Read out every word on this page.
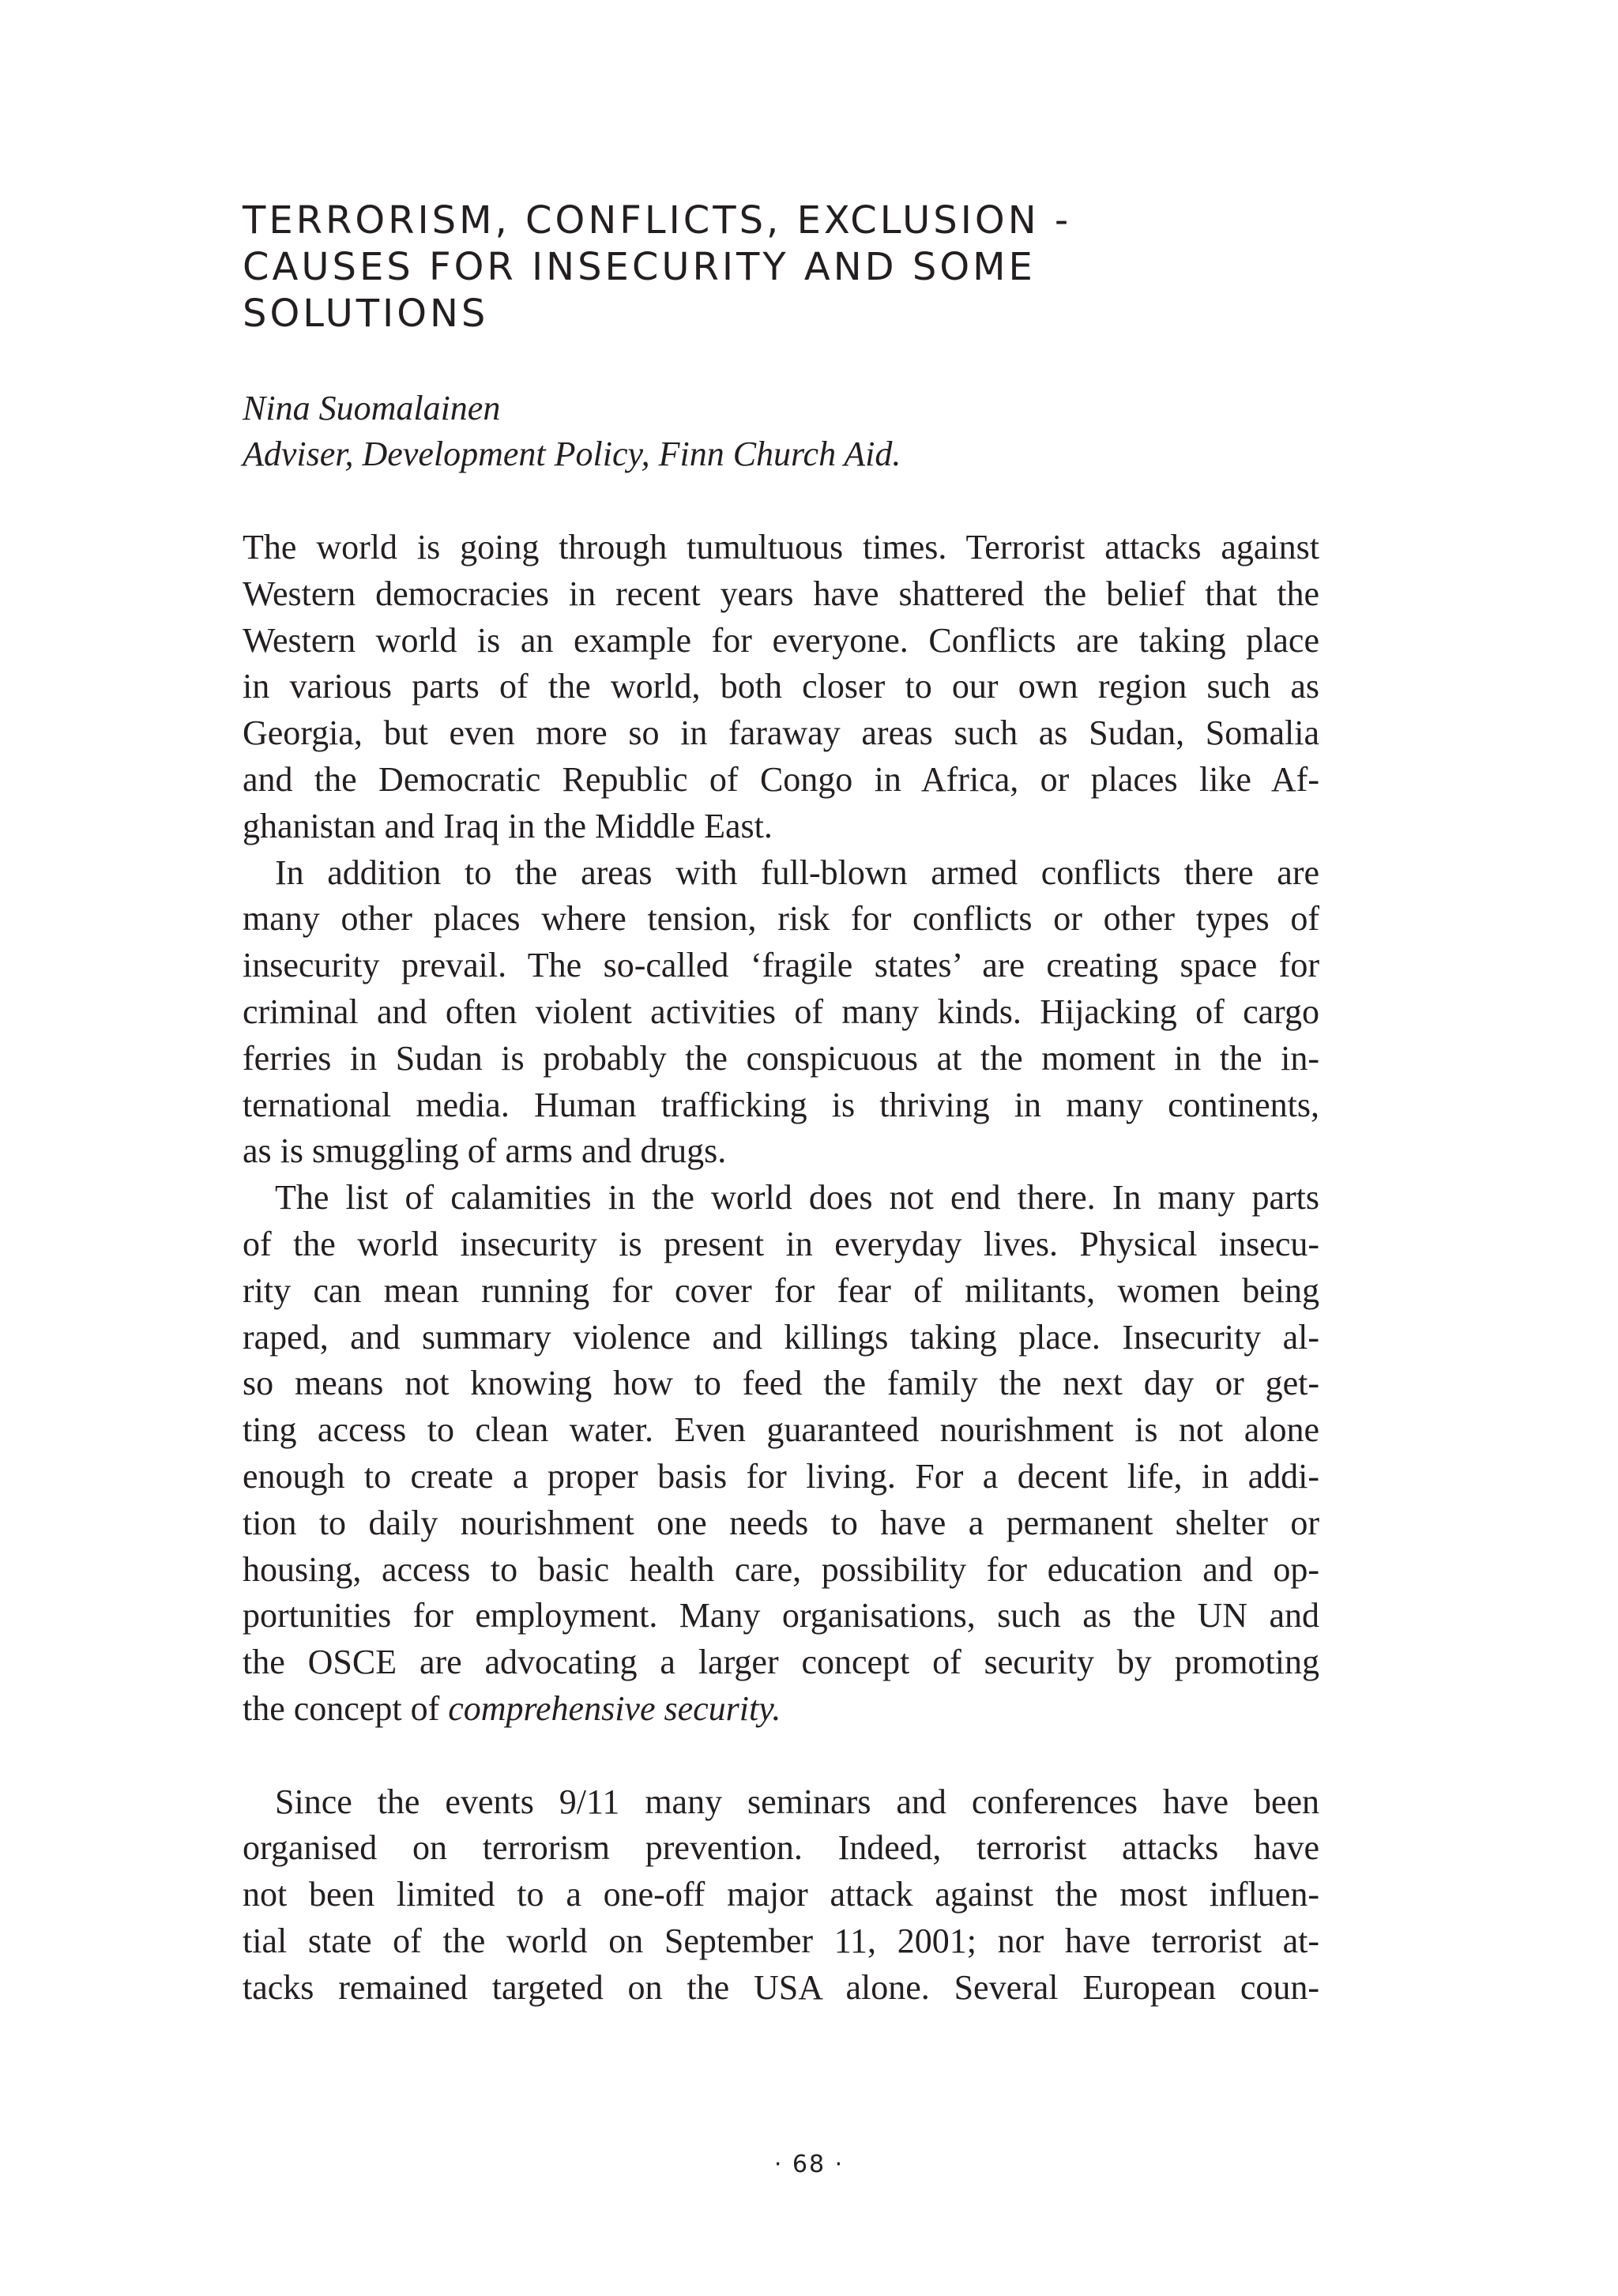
TERRORISM, CONFLICTS, EXCLUSION -
CAUSES FOR INSECURITY AND SOME
SOLUTIONS
Nina Suomalainen
Adviser, Development Policy, Finn Church Aid.
The world is going through tumultuous times. Terrorist attacks against
Western democracies in recent years have shattered the belief that the
Western world is an example for everyone. Conflicts are taking place
in various parts of the world, both closer to our own region such as
Georgia, but even more so in faraway areas such as Sudan, Somalia
and the Democratic Republic of Congo in Africa, or places like Af-
ghanistan and Iraq in the Middle East.
In addition to the areas with full-blown armed conflicts there are
many other places where tension, risk for conflicts or other types of
insecurity prevail. The so-called ‘fragile states’ are creating space for
criminal and often violent activities of many kinds. Hijacking of cargo
ferries in Sudan is probably the conspicuous at the moment in the in-
ternational media. Human trafficking is thriving in many continents,
as is smuggling of arms and drugs.
The list of calamities in the world does not end there. In many parts
of the world insecurity is present in everyday lives. Physical insecu-
rity can mean running for cover for fear of militants, women being
raped, and summary violence and killings taking place. Insecurity al-
so means not knowing how to feed the family the next day or get-
ting access to clean water. Even guaranteed nourishment is not alone
enough to create a proper basis for living. For a decent life, in addi-
tion to daily nourishment one needs to have a permanent shelter or
housing, access to basic health care, possibility for education and op-
portunities for employment. Many organisations, such as the UN and
the OSCE are advocating a larger concept of security by promoting
the concept of comprehensive security.
Since the events 9/11 many seminars and conferences have been
organised on terrorism prevention. Indeed, terrorist attacks have
not been limited to a one-off major attack against the most influen-
tial state of the world on September 11, 2001; nor have terrorist at-
tacks remained targeted on the USA alone. Several European coun-
· 68 ·
